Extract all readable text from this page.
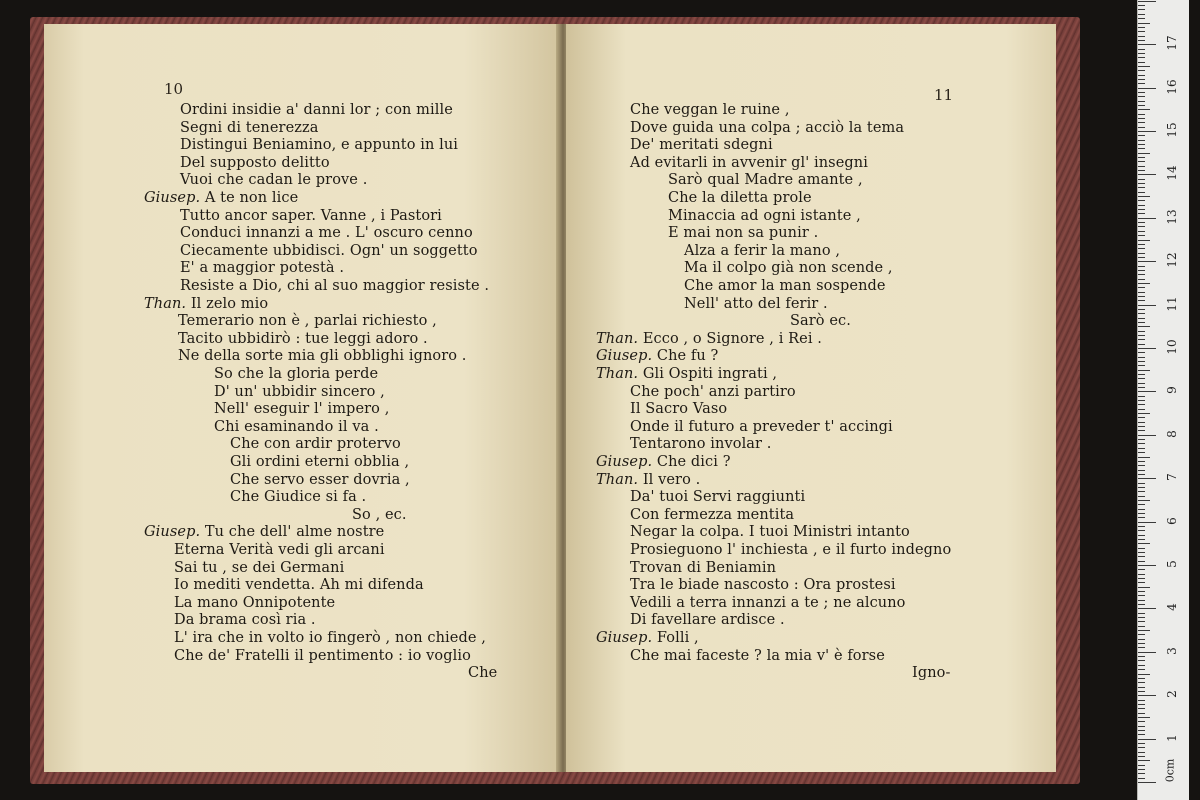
10
Ordini insidie a' danni lor ; con mille
Segni di tenerezza
Distingui Beniamino, e appunto in lui
Del supposto delitto
Vuoi che cadan le prove .
Giusep. A te non lice
Tutto ancor saper. Vanne , i Pastori
Conduci innanzi a me . L' oscuro cenno
Ciecamente ubbidisci. Ogn' un soggetto
E' a maggior potestà .
Resiste a Dio, chi al suo maggior resiste .
Than. Il zelo mio
Temerario non è , parlai richiesto ,
Tacito ubbidirò : tue leggi adoro .
Ne della sorte mia gli obblighi ignoro .
So che la gloria perde
D' un' ubbidir sincero ,
Nell' eseguir l' impero ,
Chi esaminando il va .
Che con ardir protervo
Gli ordini eterni obblia ,
Che servo esser dovria ,
Che Giudice si fa .
So , ec.
Giusep. Tu che dell' alme nostre
Eterna Verità vedi gli arcani
Sai tu , se dei Germani
Io mediti vendetta. Ah mi difenda
La mano Onnipotente
Da brama così ria .
L' ira che in volto io fingerò , non chiede ,
Che de' Fratelli il pentimento : io voglio
Che
11
Che veggan le ruine ,
Dove guida una colpa ; acciò la tema
De' meritati sdegni
Ad evitarli in avvenir gl' insegni
Sarò qual Madre amante ,
Che la diletta prole
Minaccia ad ogni istante ,
E mai non sa punir .
Alza a ferir la mano ,
Ma il colpo già non scende ,
Che amor la man sospende
Nell' atto del ferir .
Sarò ec.
Than. Ecco , o Signore , i Rei .
Giusep. Che fu ?
Than. Gli Ospiti ingrati ,
Che poch' anzi partiro
Il Sacro Vaso
Onde il futuro a preveder t' accingi
Tentarono involar .
Giusep. Che dici ?
Than. Il vero .
Da' tuoi Servi raggiunti
Con fermezza mentita
Negar la colpa. I tuoi Ministri intanto
Prosieguono l' inchiesta , e il furto indegno
Trovan di Beniamin
Tra le biade nascosto : Ora prostesi
Vedili a terra innanzi a te ; ne alcuno
Di favellare ardisce .
Giusep. Folli ,
Che mai faceste ? la mia v' è forse
Igno-
0cm
17
16
15
14
13
12
11
10
9
8
7
6
5
4
3
2
1
